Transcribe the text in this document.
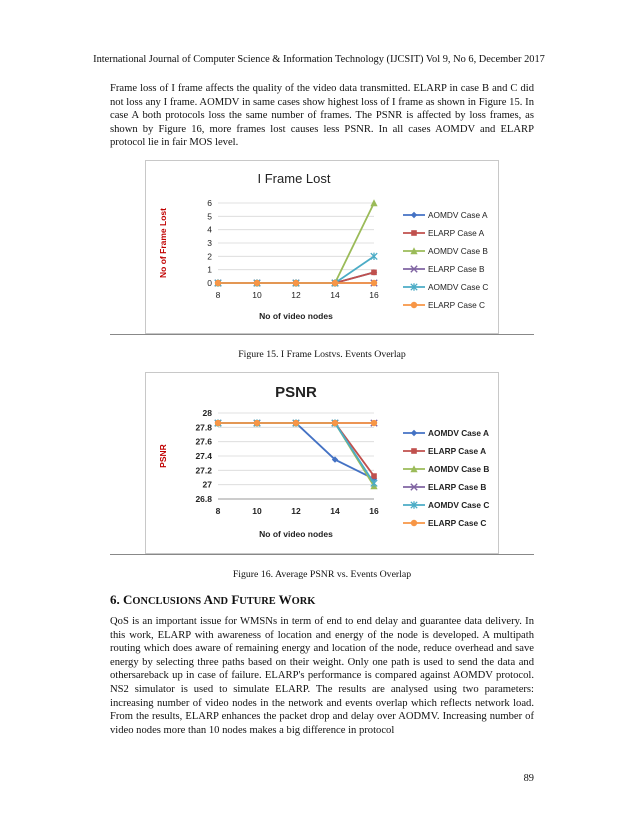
International Journal of Computer Science & Information Technology (IJCSIT) Vol 9, No 6, December 2017

Frame loss of I frame affects the quality of the video data transmitted. ELARP in case B and C did not loss any I frame. AOMDV in same cases show highest loss of I frame as shown in Figure 15. In case A both protocols loss the same number of frames. The PSNR is affected by loss frames, as shown by Figure 16, more frames lost causes less PSNR. In all cases AOMDV and ELARP protocol lie in fair MOS level.

I Frame Lost
0
1
2
3
4
5
6
8	10	12	14	16
No of video nodes
No of Frame Lost	AOMDV Case A
ELARP Case A
AOMDV Case B
ELARP Case B
AOMDV Case C
ELARP Case C
Figure 15. I Frame Lostvs. Events Overlap
PSNR
26.8
27
27.2
27.4
27.6
27.8
28
8	10	12	14	16
No of video nodes
PSNR
AOMDV Case A
ELARP Case A
AOMDV Case B
ELARP Case B
AOMDV Case C
ELARP Case C
Figure 16. Average PSNR vs. Events Overlap
6. CONCLUSIONS AND FUTURE WORK

QoS is an important issue for WMSNs in term of end to end delay and guarantee data delivery. In this work, ELARP with awareness of location and energy of the node is developed. A multipath routing which does aware of remaining energy and location of the node, reduce overhead and save energy by selecting three paths based on their weight. Only one path is used to send the data and othersareback up in case of failure. ELARP's performance is compared against AOMDV protocol. NS2 simulator is used to simulate ELARP. The results are analysed using two parameters: increasing number of video nodes in the network and events overlap which reflects network load. From the results, ELARP enhances the packet drop and delay over AODMV. Increasing number of video nodes more than 10 nodes makes a big difference in protocol

89
